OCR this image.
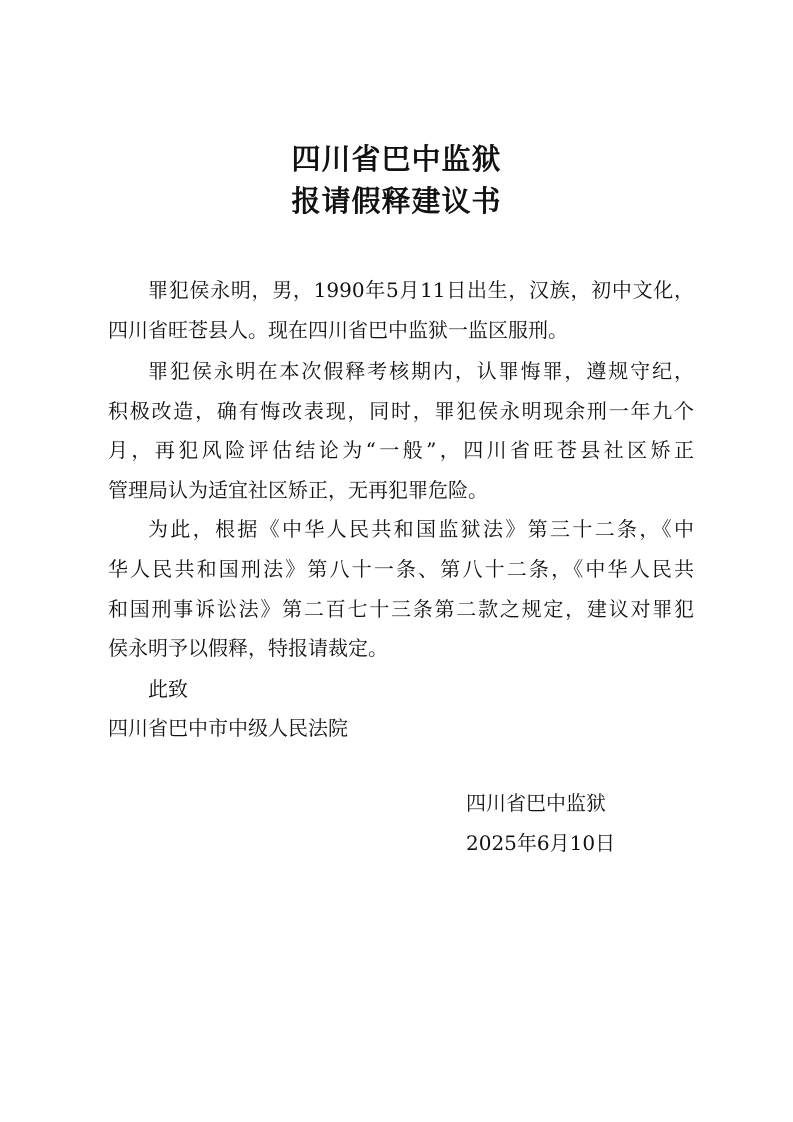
四川省巴中监狱
报请假释建议书
罪犯侯永明，男，1990年5月11日出生，汉族，初中文化，
四川省旺苍县人。现在四川省巴中监狱一监区服刑。
罪犯侯永明在本次假释考核期内，认罪悔罪，遵规守纪，
积极改造，确有悔改表现，同时，罪犯侯永明现余刑一年九个
月，再犯风险评估结论为“一般”，四川省旺苍县社区矫正
管理局认为适宜社区矫正，无再犯罪危险。
为此，根据《中华人民共和国监狱法》第三十二条，《中
华人民共和国刑法》第八十一条、第八十二条，《中华人民共
和国刑事诉讼法》第二百七十三条第二款之规定，建议对罪犯
侯永明予以假释，特报请裁定。
此致
四川省巴中市中级人民法院
四川省巴中监狱
2025年6月10日
